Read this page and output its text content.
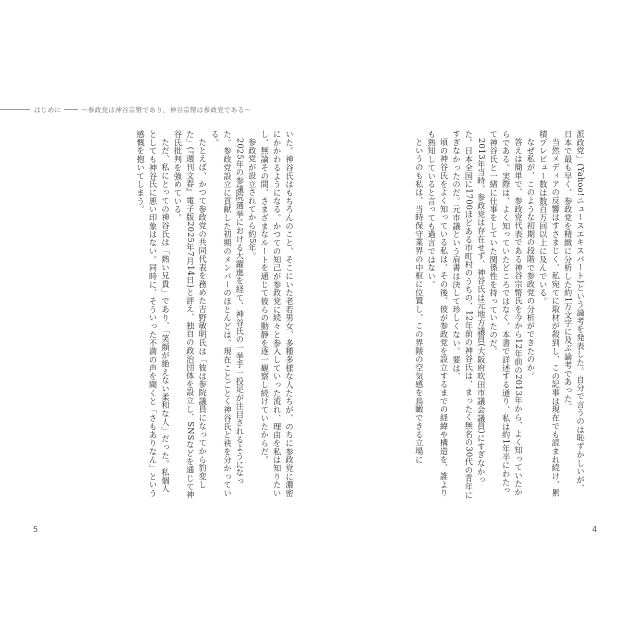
はじめに	〜参政党は神谷宗幣であり、神谷宗幣は参政党である〜

派政党」(Yahoo!ニュースエキスパート)という論考を発表した。自分で言うのは恥ずかしいが、日本で最も早く、参政党を精緻に分析した約1万文字に及ぶ論考であった。

当然メディアの反響はすさまじく、私宛てに取材が殺到し、この記事は現在でも読まれ続け、累積プレビュー数は数百万回以上に及んでいる。

なぜ私が、このような初期の段階で参政党の分析ができたのか。

答えは簡単で、参政党代表である神谷宗幣氏を今から12年前の2013年から、よく知っていたからである。実際は、よく知っていたどころではなく、本書で詳述する通り、私は約1年半にわたって神谷氏と一緒に仕事をしていた関係性を持っていたのだ。

2013年当時、参政党は存在せず、神谷氏は元地方議員(大阪府吹田市議会議員)にすぎなかった。日本全国に1700ほどある市町村のうちの、12年前の神谷氏は、まったく無名の30代の青年にすぎなかったのだ。元市議という肩書は決して珍しくない。要は、

頃の神谷氏をよく知っている私は、その後、彼が参政党を設立するまでの経緯や構造を、誰よりも熟知していると言っても過言ではない。

というのも私は、当時保守業界の中枢に位置し、この界隈の空気感を鳥瞰できる立場に

いた。神谷氏はもちろんのこと、そこにいた老若男女、多種多様な人たちが、のちに参政党に濃密にかかわるようになる。かつての知己が参政党に続々と参入していった流れ、理由を私は知りたいし、無論その間、さまざまなルートを通じて彼らの動静を逐一観察し続けていたからだ。

参政党が設立されてから約5年。

2025年の参議院選挙における大躍進を経て、神谷氏の一挙手一投足が注目されるようになった。参政党設立に貢献した初期のメンバーのほとんどは、現在ことごとく神谷氏と袂を分かっている。

たとえば、かつて参政党の共同代表を務めた吉野敏明氏は「彼は参院議員になってから豹変した」(『週刊文春』電子版2025年7月14日)と評え、独自の政治団体を設立し、SNSなどを通じて神谷氏批判を強めている。

ただ、私にとっての神谷氏は「熱い兄貴」であり、「笑顔が絶えない柔和な人」だった。私個人としても神谷氏に悪い印象はない。同時に、そういった不満の声を聞くと「さもありなん」という感慨を抱いてしまう。

5	4
